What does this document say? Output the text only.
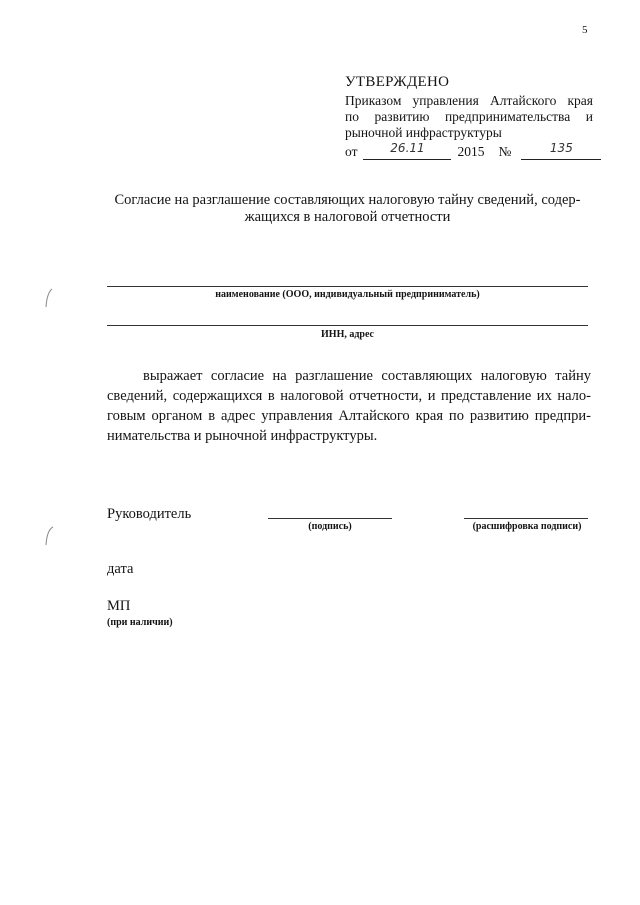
5
УТВЕРЖДЕНО
Приказом управления Алтайского края
по развитию предпринимательства и
рыночной инфраструктуры
от	26.11	2015 №	135
Согласие на разглашение составляющих налоговую тайну сведений, содер-жащихся в налоговой отчетности
наименование (ООО, индивидуальный предприниматель)
ИНН, адрес
выражает согласие на разглашение составляющих налоговую тайну сведений, содержащихся в налоговой отчетности, и представление их нало-говым органом в адрес управления Алтайского края по развитию предпри-нимательства и рыночной инфраструктуры.
Руководитель
(подпись)	(расшифровка подписи)
дата
МП
(при наличии)
